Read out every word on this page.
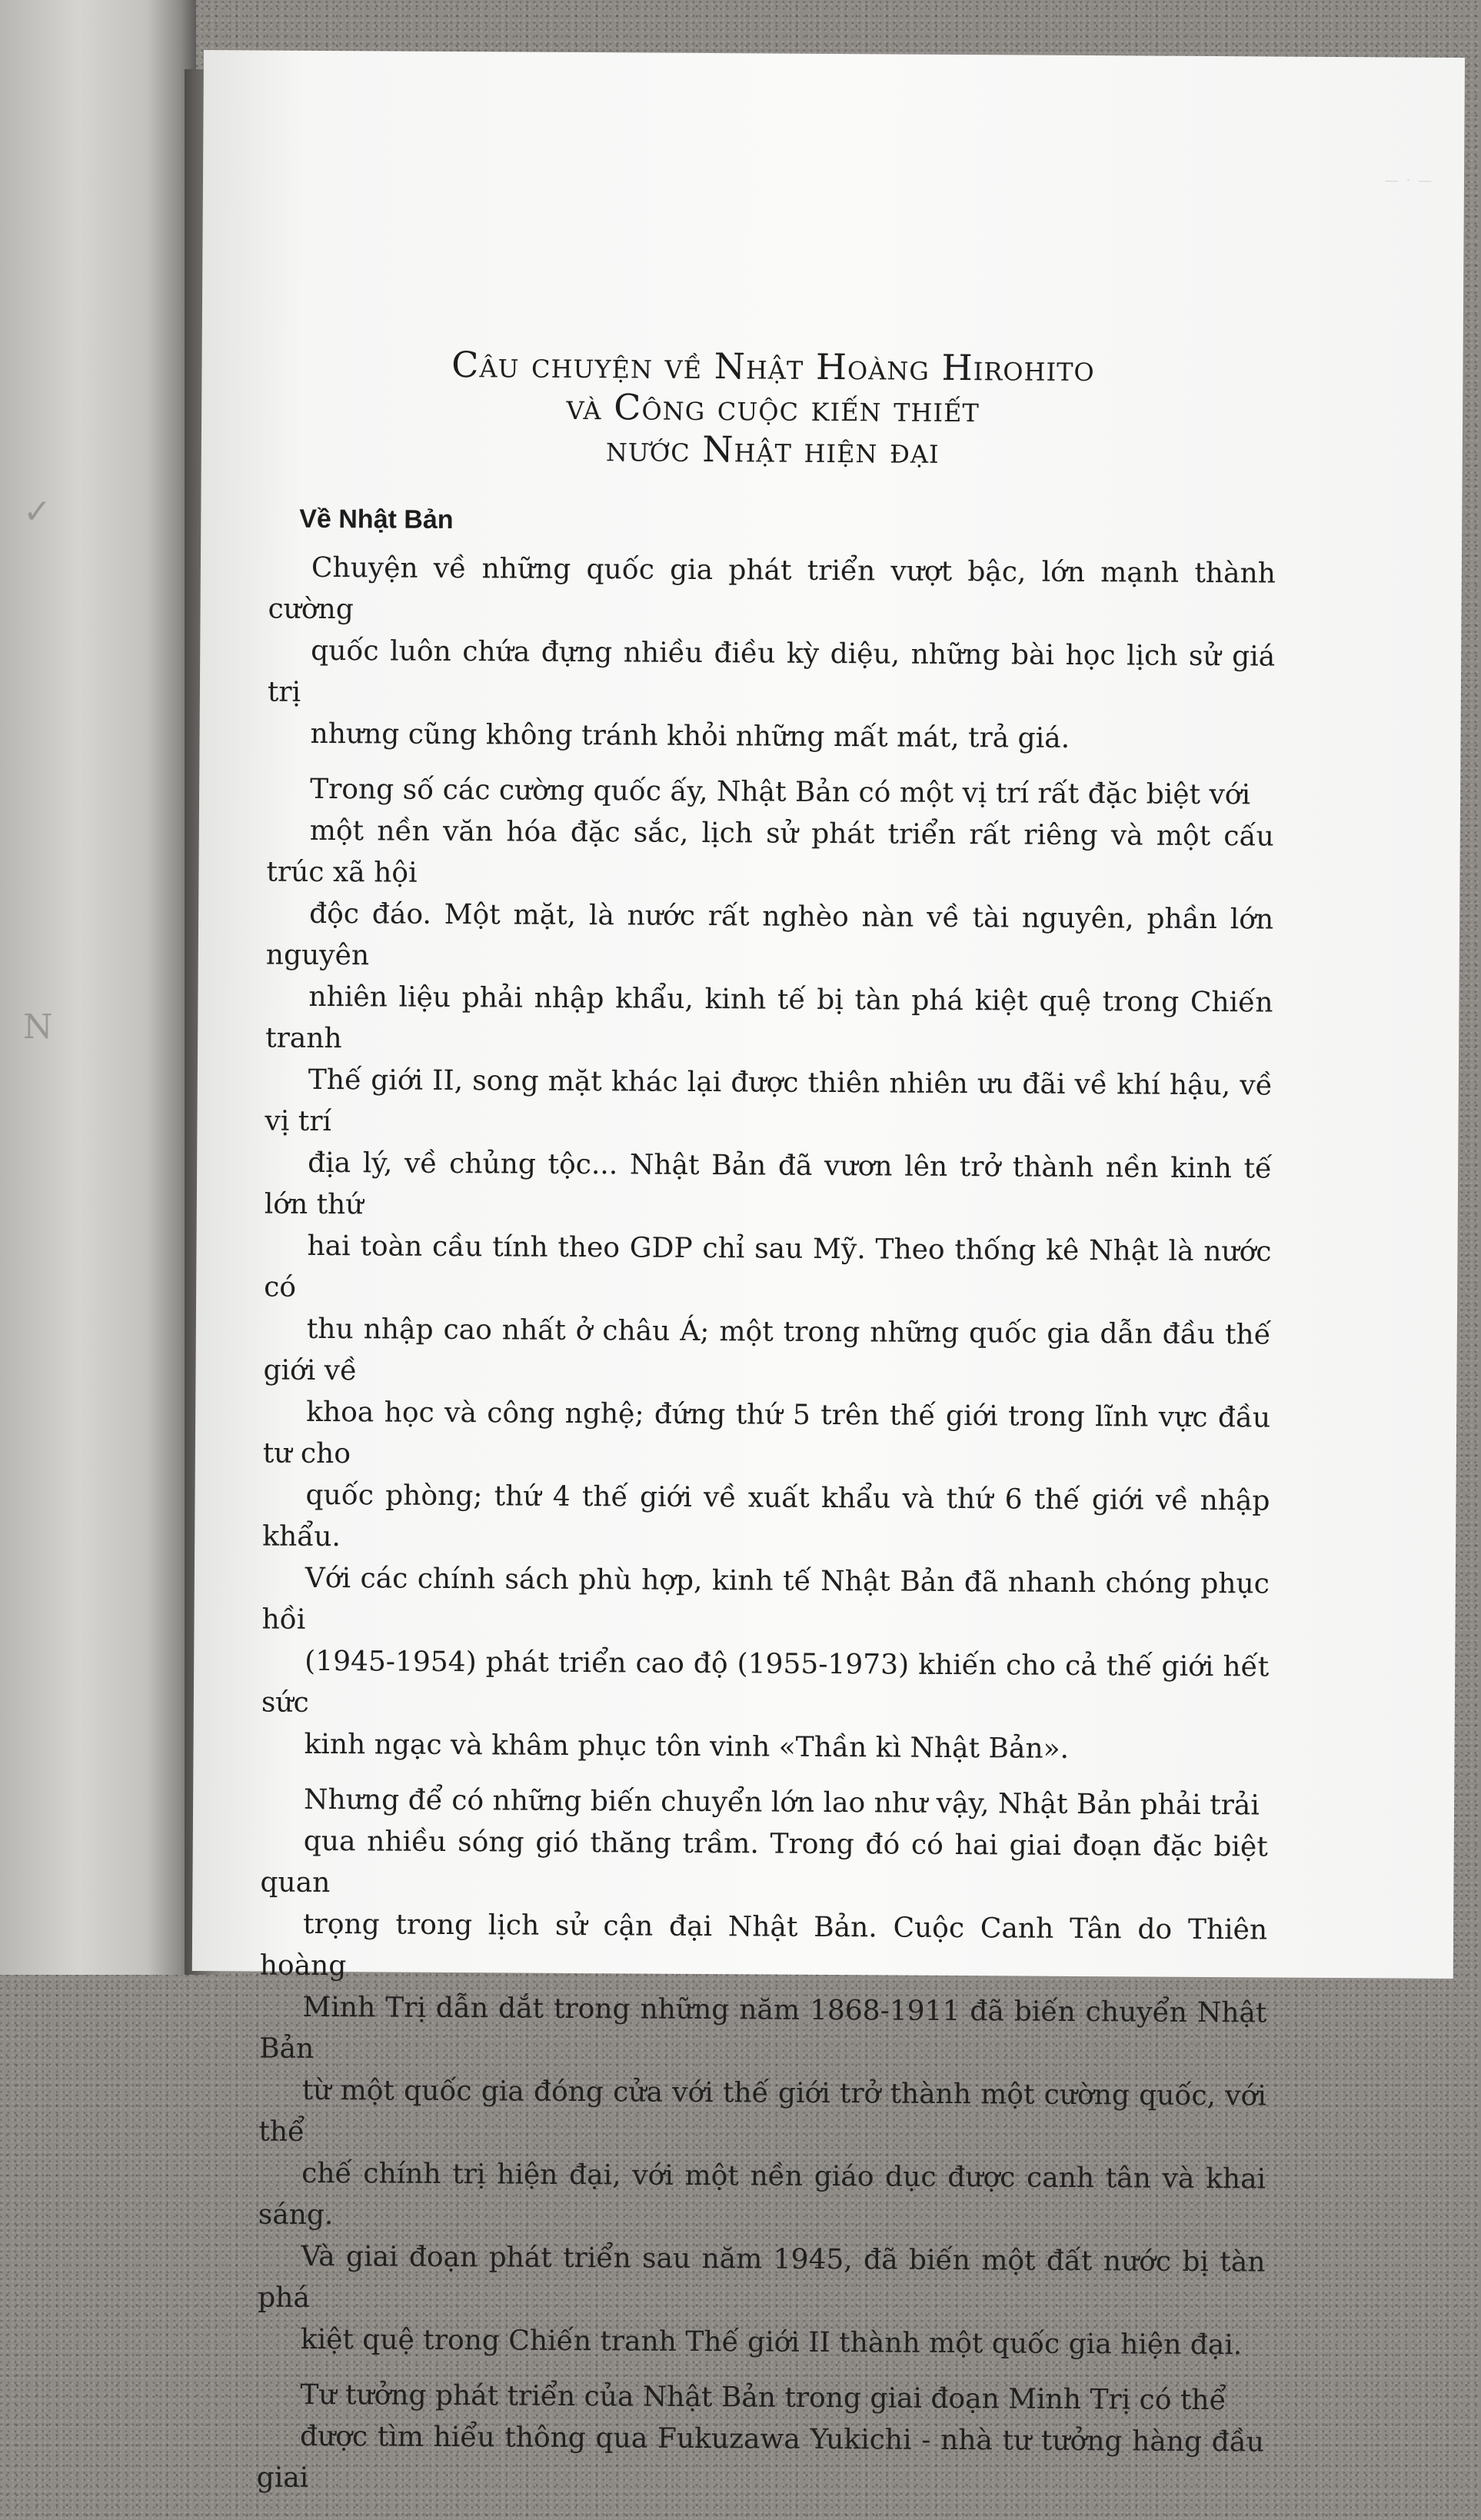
✓
N
— · —
Câu chuyện về Nhật Hoàng Hirohito
và Công cuộc kiến thiết
nước Nhật hiện đại
Về Nhật Bản

Chuyện về những quốc gia phát triển vượt bậc, lớn mạnh thành cường
quốc luôn chứa đựng nhiều điều kỳ diệu, những bài học lịch sử giá trị
nhưng cũng không tránh khỏi những mất mát, trả giá.

Trong số các cường quốc ấy, Nhật Bản có một vị trí rất đặc biệt với
một nền văn hóa đặc sắc, lịch sử phát triển rất riêng và một cấu trúc xã hội
độc đáo. Một mặt, là nước rất nghèo nàn về tài nguyên, phần lớn nguyên
nhiên liệu phải nhập khẩu, kinh tế bị tàn phá kiệt quệ trong Chiến tranh
Thế giới II, song mặt khác lại được thiên nhiên ưu đãi về khí hậu, về vị trí
địa lý, về chủng tộc... Nhật Bản đã vươn lên trở thành nền kinh tế lớn thứ
hai toàn cầu tính theo GDP chỉ sau Mỹ. Theo thống kê Nhật là nước có
thu nhập cao nhất ở châu Á; một trong những quốc gia dẫn đầu thế giới về
khoa học và công nghệ; đứng thứ 5 trên thế giới trong lĩnh vực đầu tư cho
quốc phòng; thứ 4 thế giới về xuất khẩu và thứ 6 thế giới về nhập khẩu.
Với các chính sách phù hợp, kinh tế Nhật Bản đã nhanh chóng phục hồi
(1945-1954) phát triển cao độ (1955-1973) khiến cho cả thế giới hết sức
kinh ngạc và khâm phục tôn vinh «Thần kì Nhật Bản».

Nhưng để có những biến chuyển lớn lao như vậy, Nhật Bản phải trải
qua nhiều sóng gió thăng trầm. Trong đó có hai giai đoạn đặc biệt quan
trọng trong lịch sử cận đại Nhật Bản. Cuộc Canh Tân do Thiên hoàng
Minh Trị dẫn dắt trong những năm 1868-1911 đã biến chuyển Nhật Bản
từ một quốc gia đóng cửa với thế giới trở thành một cường quốc, với thể
chế chính trị hiện đại, với một nền giáo dục được canh tân và khai sáng.
Và giai đoạn phát triển sau năm 1945, đã biến một đất nước bị tàn phá
kiệt quệ trong Chiến tranh Thế giới II thành một quốc gia hiện đại.

Tư tưởng phát triển của Nhật Bản trong giai đoạn Minh Trị có thể
được tìm hiểu thông qua Fukuzawa Yukichi - nhà tư tưởng hàng đầu giai
